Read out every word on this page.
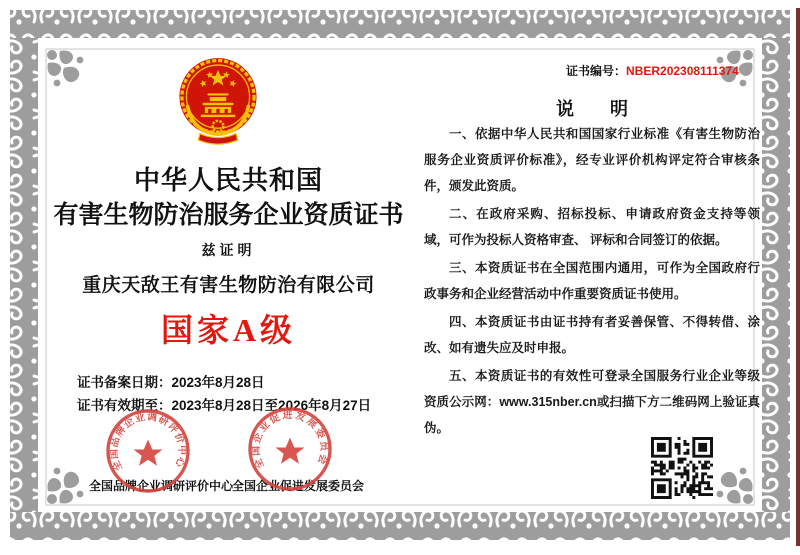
中华人民共和国
有害生物防治服务企业资质证书
兹证明
重庆天敌王有害生物防治有限公司
国家A级
证书备案日期：2023年8月28日
证书有效期至：2023年8月28日至2026年8月27日
全国品牌企业调研评价中心
全国企业促进发展委员会
全国品牌企业调研评价中心	全国企业促进发展委员会
证书编号：NBER202308111374
说　　明

一、依据中华人民共和国国家行业标准《有害生物防治服务企业资质评价标准》，经专业评价机构评定符合审核条件，颁发此资质。

二、在政府采购、招标投标、申请政府资金支持等领域，可作为投标人资格审查、 评标和合同签订的依据。

三、本资质证书在全国范围内通用，可作为全国政府行政事务和企业经营活动中作重要资质证书使用。

四、本资质证书由证书持有者妥善保管、不得转借、涂改、如有遗失应及时申报。

五、本资质证书的有效性可登录全国服务行业企业等级资质公示网：www.315nber.cn或扫描下方二维码网上验证真伪。
